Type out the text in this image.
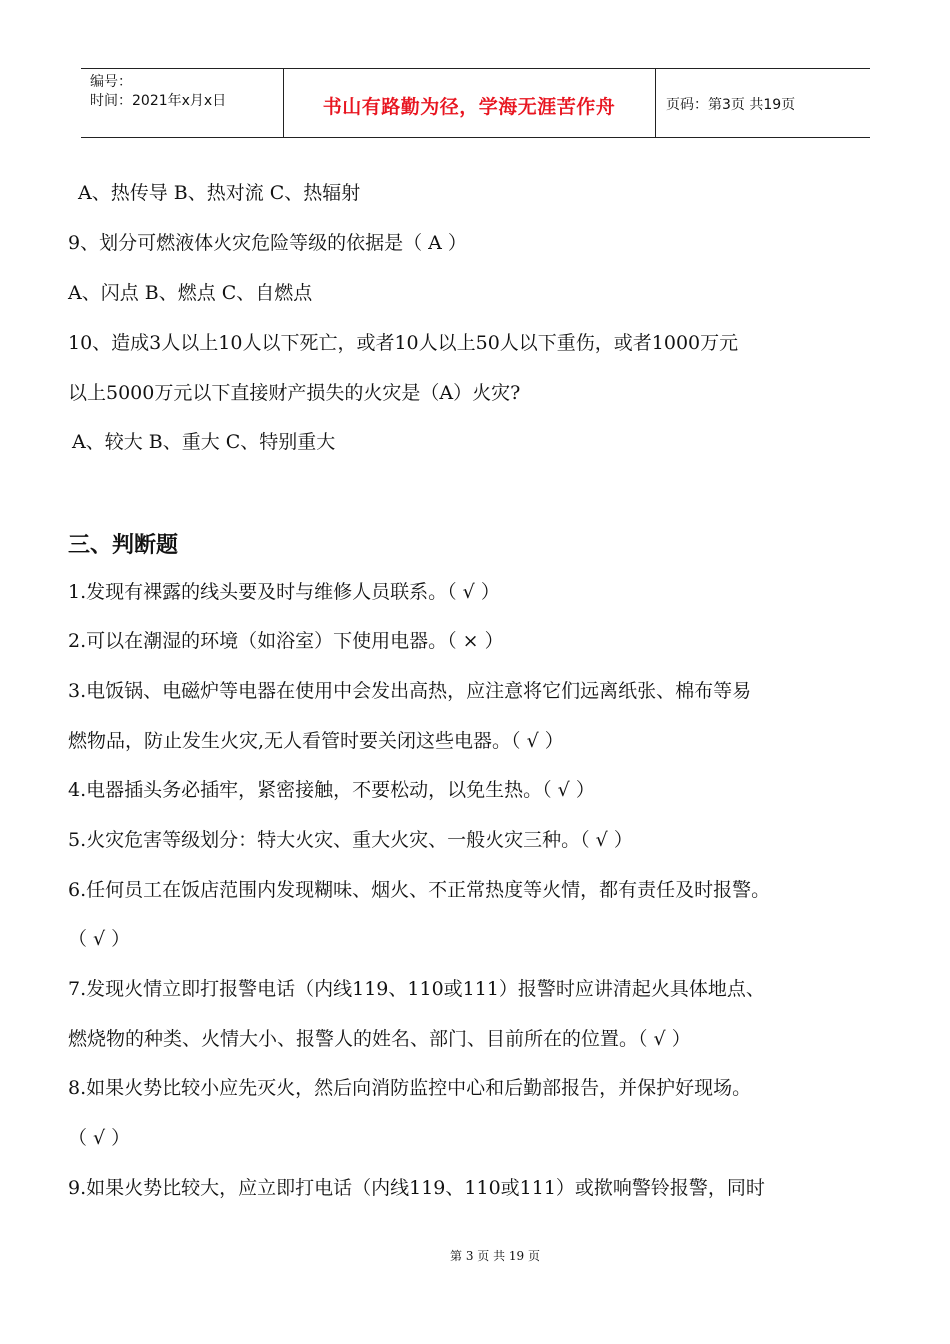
编号：
时间：2021年x月x日	书山有路勤为径，学海无涯苦作舟	页码：第3页 共19页
A、热传导 B、热对流 C、热辐射
9、划分可燃液体火灾危险等级的依据是（ A ）
A、闪点 B、燃点 C、自燃点
10、造成3人以上10人以下死亡，或者10人以上50人以下重伤，或者1000万元
以上5000万元以下直接财产损失的火灾是（A）火灾?
A、较大 B、重大 C、特别重大
三、判断题
1.发现有裸露的线头要及时与维修人员联系。（ √ ）
2.可以在潮湿的环境（如浴室）下使用电器。（ × ）
3.电饭锅、电磁炉等电器在使用中会发出高热，应注意将它们远离纸张、棉布等易
燃物品，防止发生火灾,无人看管时要关闭这些电器。（ √ ）
4.电器插头务必插牢，紧密接触，不要松动，以免生热。（ √ ）
5.火灾危害等级划分：特大火灾、重大火灾、一般火灾三种。（ √ ）
6.任何员工在饭店范围内发现糊味、烟火、不正常热度等火情，都有责任及时报警。
（ √ ）
7.发现火情立即打报警电话（内线119、110或111）报警时应讲清起火具体地点、
燃烧物的种类、火情大小、报警人的姓名、部门、目前所在的位置。（ √ ）
8.如果火势比较小应先灭火，然后向消防监控中心和后勤部报告，并保护好现场。
（ √ ）
9.如果火势比较大，应立即打电话（内线119、110或111）或揿响警铃报警，同时
第 3 页 共 19 页
